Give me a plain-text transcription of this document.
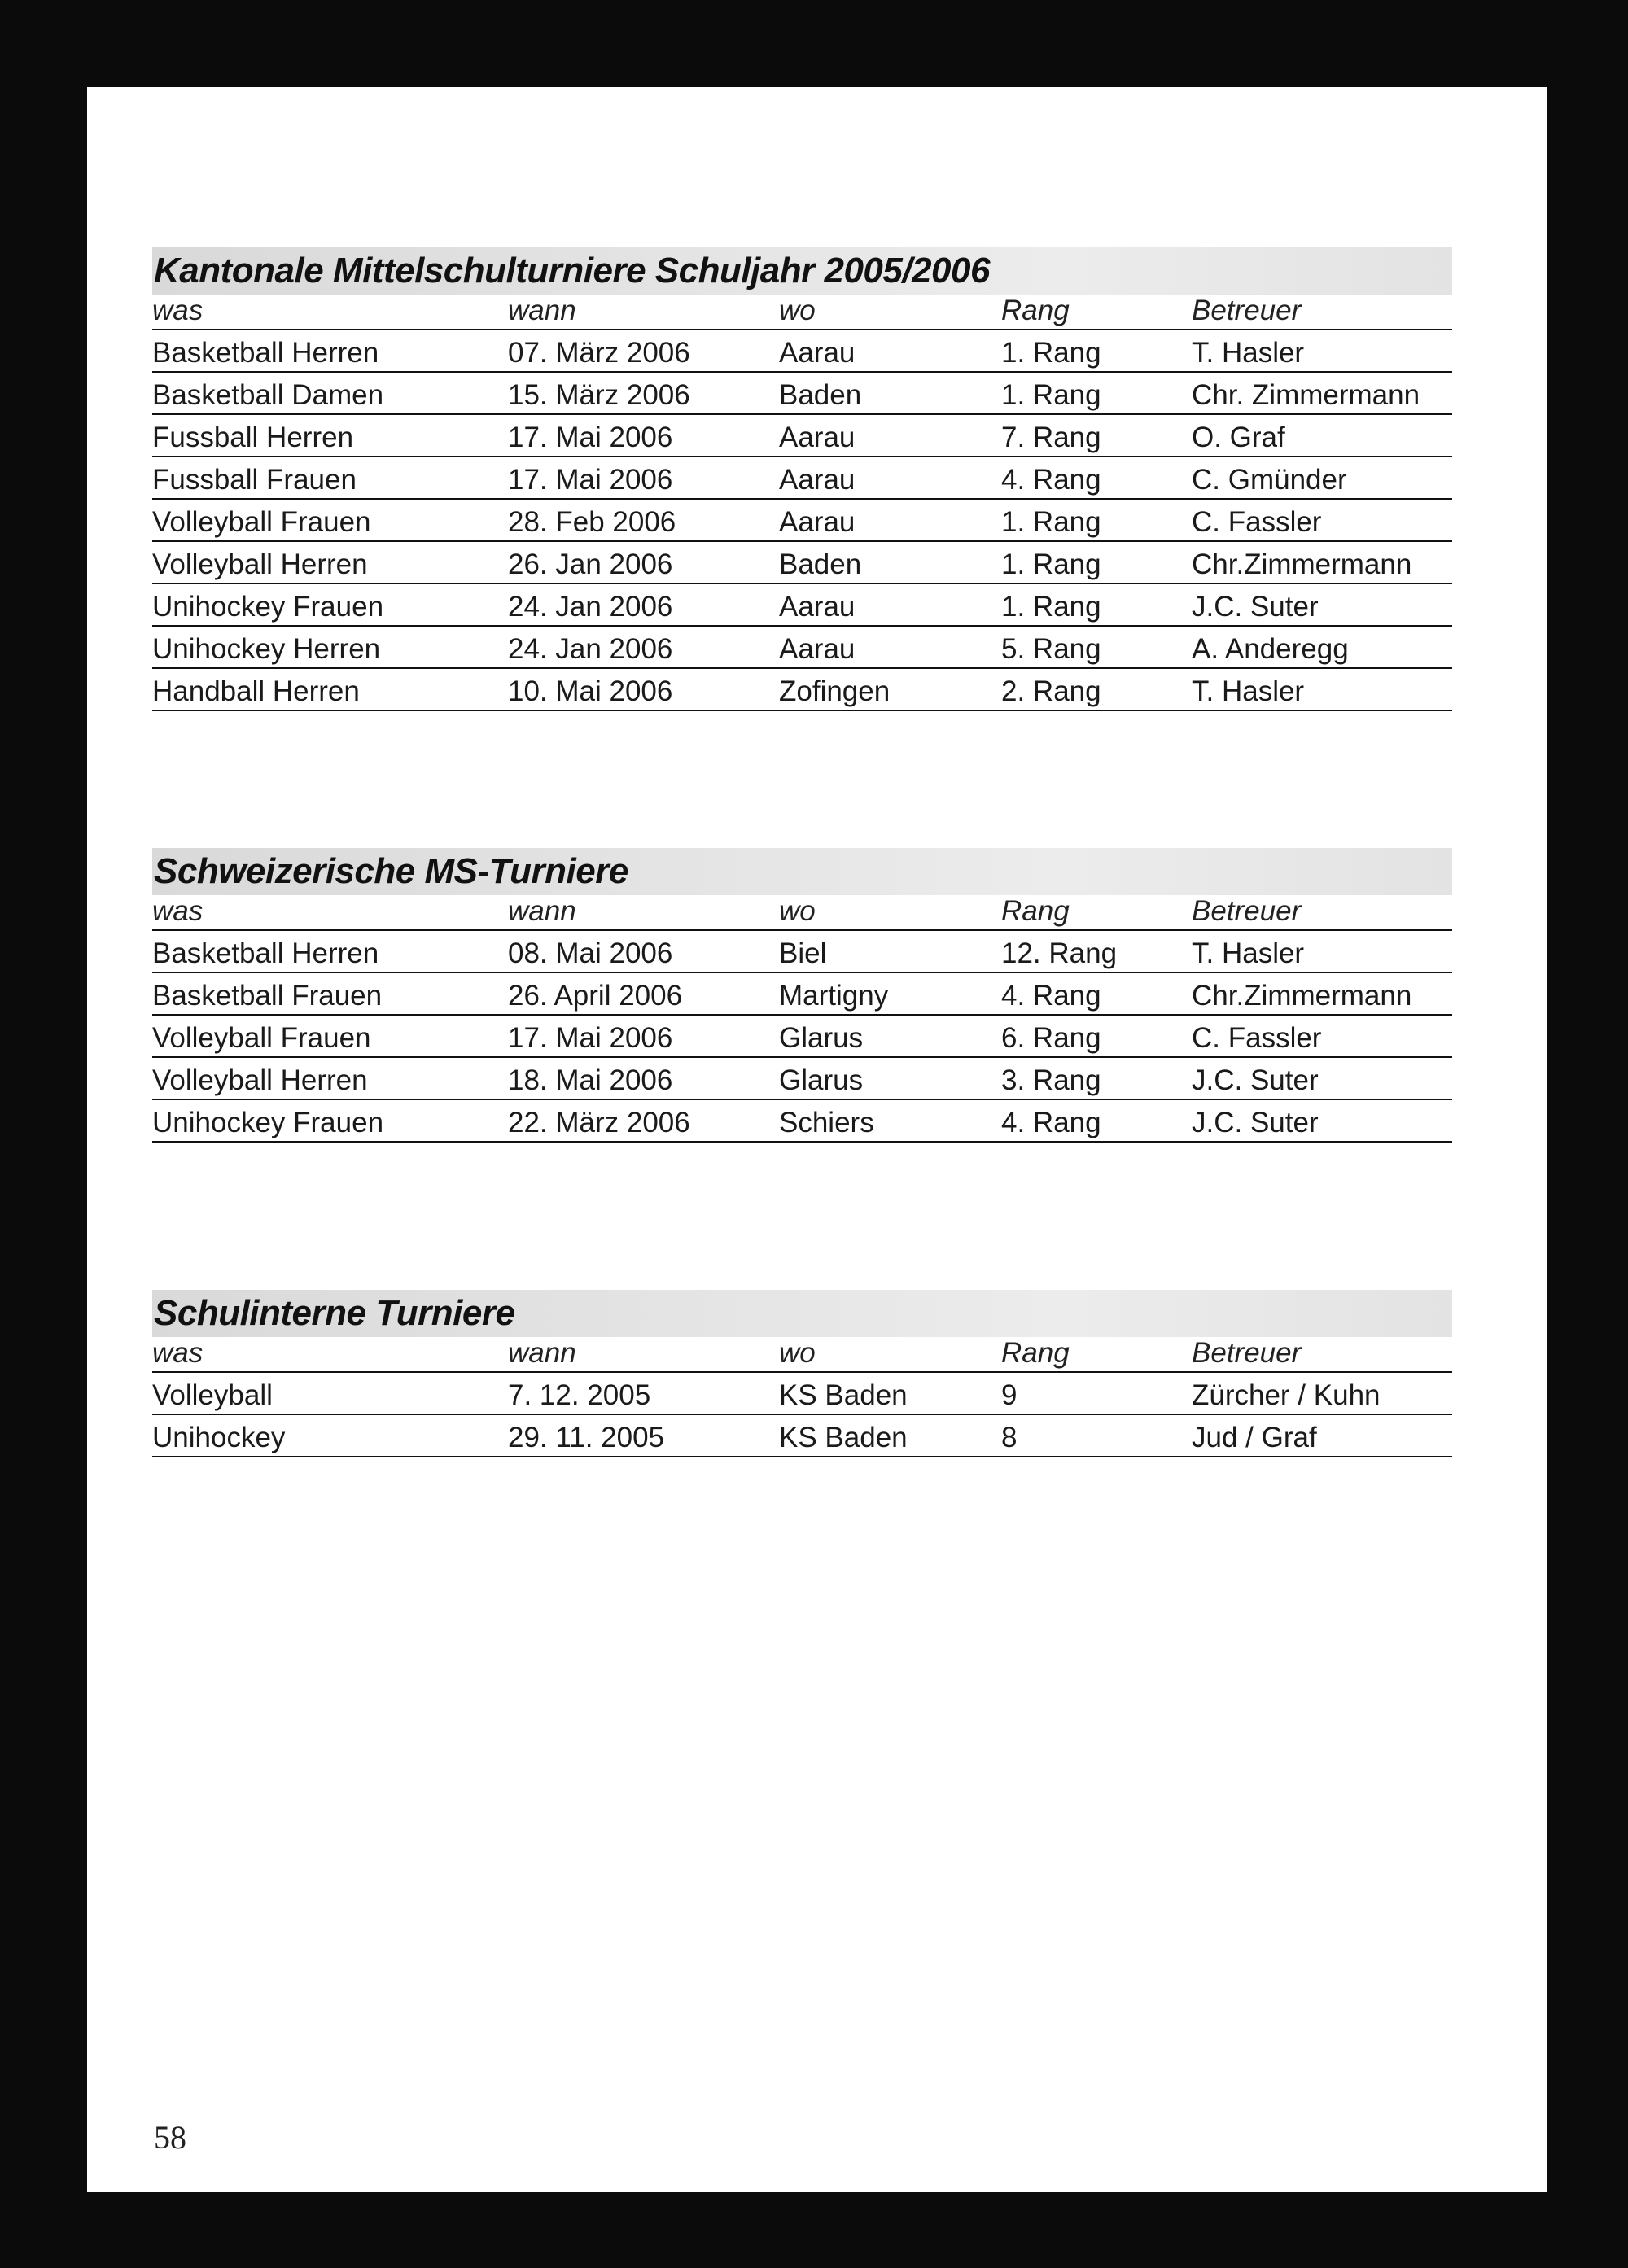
Kantonale Mittelschulturniere Schuljahr 2005/2006
was	wann	wo	Rang	Betreuer
Basketball Herren	07. März 2006	Aarau	1. Rang	T. Hasler
Basketball Damen	15. März 2006	Baden	1. Rang	Chr. Zimmermann
Fussball Herren	17. Mai 2006	Aarau	7. Rang	O. Graf
Fussball Frauen	17. Mai 2006	Aarau	4. Rang	C. Gmünder
Volleyball Frauen	28. Feb 2006	Aarau	1. Rang	C. Fassler
Volleyball Herren	26. Jan 2006	Baden	1. Rang	Chr.Zimmermann
Unihockey Frauen	24. Jan 2006	Aarau	1. Rang	J.C. Suter
Unihockey Herren	24. Jan 2006	Aarau	5. Rang	A. Anderegg
Handball Herren	10. Mai 2006	Zofingen	2. Rang	T. Hasler
Schweizerische MS-Turniere
was	wann	wo	Rang	Betreuer
Basketball Herren	08. Mai 2006	Biel	12. Rang	T. Hasler
Basketball Frauen	26. April 2006	Martigny	4. Rang	Chr.Zimmermann
Volleyball Frauen	17. Mai 2006	Glarus	6. Rang	C. Fassler
Volleyball Herren	18. Mai 2006	Glarus	3. Rang	J.C. Suter
Unihockey Frauen	22. März 2006	Schiers	4. Rang	J.C. Suter
Schulinterne Turniere
was	wann	wo	Rang	Betreuer
Volleyball	7. 12. 2005	KS Baden	9	Zürcher / Kuhn
Unihockey	29. 11. 2005	KS Baden	8	Jud / Graf
58
